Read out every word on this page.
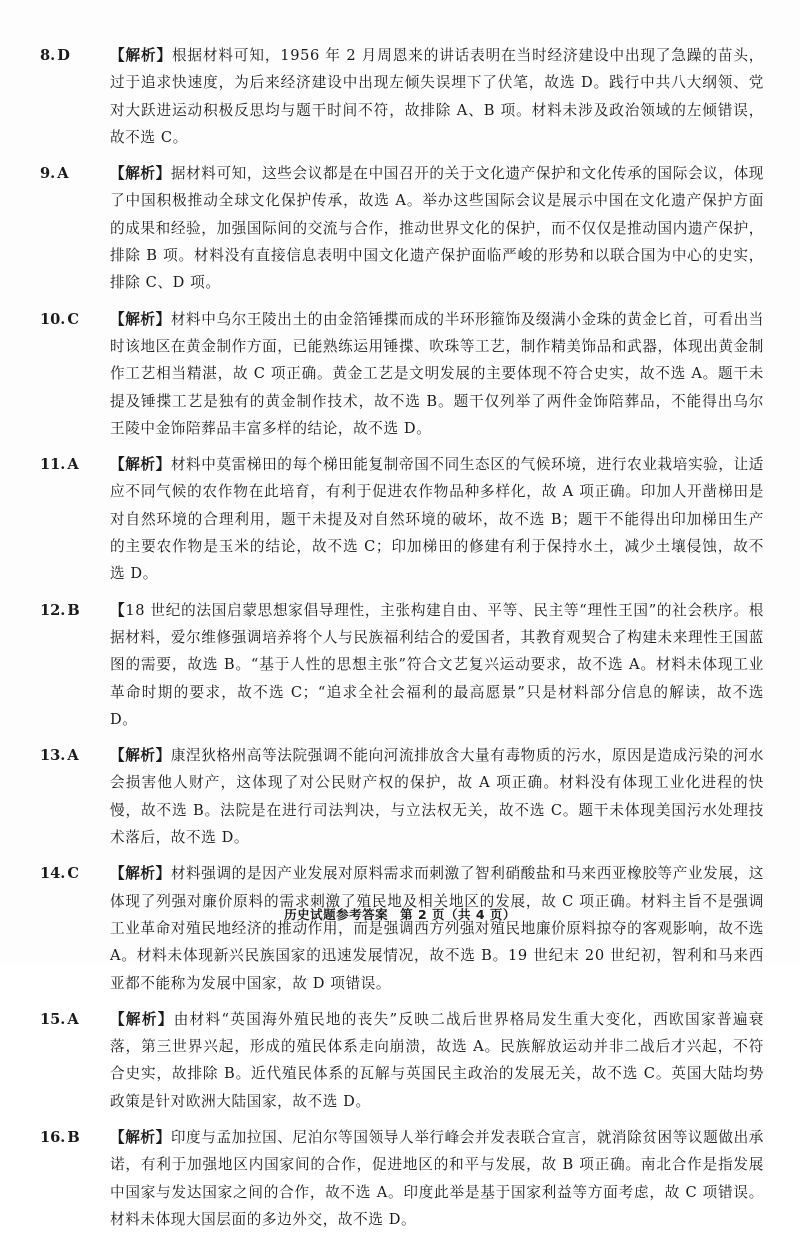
8. D	【解析】根据材料可知，1956 年 2 月周恩来的讲话表明在当时经济建设中出现了急躁的苗头，过于追求快速度，为后来经济建设中出现左倾失误埋下了伏笔，故选 D。践行中共八大纲领、党对大跃进运动积极反思均与题干时间不符，故排除 A、B 项。材料未涉及政治领域的左倾错误，故不选 C。
9. A	【解析】据材料可知，这些会议都是在中国召开的关于文化遗产保护和文化传承的国际会议，体现了中国积极推动全球文化保护传承，故选 A。举办这些国际会议是展示中国在文化遗产保护方面的成果和经验，加强国际间的交流与合作，推动世界文化的保护，而不仅仅是推动国内遗产保护，排除 B 项。材料没有直接信息表明中国文化遗产保护面临严峻的形势和以联合国为中心的史实，排除 C、D 项。
10. C	【解析】材料中乌尔王陵出土的由金箔锤揲而成的半环形箍饰及缀满小金珠的黄金匕首，可看出当时该地区在黄金制作方面，已能熟练运用锤揲、吹珠等工艺，制作精美饰品和武器，体现出黄金制作工艺相当精湛，故 C 项正确。黄金工艺是文明发展的主要体现不符合史实，故不选 A。题干未提及锤揲工艺是独有的黄金制作技术，故不选 B。题干仅列举了两件金饰陪葬品，不能得出乌尔王陵中金饰陪葬品丰富多样的结论，故不选 D。
11. A	【解析】材料中莫雷梯田的每个梯田能复制帝国不同生态区的气候环境，进行农业栽培实验，让适应不同气候的农作物在此培育，有利于促进农作物品种多样化，故 A 项正确。印加人开凿梯田是对自然环境的合理利用，题干未提及对自然环境的破坏，故不选 B；题干不能得出印加梯田生产的主要农作物是玉米的结论，故不选 C；印加梯田的修建有利于保持水土，减少土壤侵蚀，故不选 D。
12. B	【18 世纪的法国启蒙思想家倡导理性，主张构建自由、平等、民主等“理性王国”的社会秩序。根据材料，爱尔维修强调培养将个人与民族福利结合的爱国者，其教育观契合了构建未来理性王国蓝图的需要，故选 B。“基于人性的思想主张”符合文艺复兴运动要求，故不选 A。材料未体现工业革命时期的要求，故不选 C；“追求全社会福利的最高愿景”只是材料部分信息的解读，故不选 D。
13. A	【解析】康涅狄格州高等法院强调不能向河流排放含大量有毒物质的污水，原因是造成污染的河水会损害他人财产，这体现了对公民财产权的保护，故 A 项正确。材料没有体现工业化进程的快慢，故不选 B。法院是在进行司法判决，与立法权无关，故不选 C。题干未体现美国污水处理技术落后，故不选 D。
14. C	【解析】材料强调的是因产业发展对原料需求而刺激了智利硝酸盐和马来西亚橡胶等产业发展，这体现了列强对廉价原料的需求刺激了殖民地及相关地区的发展，故 C 项正确。材料主旨不是强调工业革命对殖民地经济的推动作用，而是强调西方列强对殖民地廉价原料掠夺的客观影响，故不选 A。材料未体现新兴民族国家的迅速发展情况，故不选 B。19 世纪末 20 世纪初，智利和马来西亚都不能称为发展中国家，故 D 项错误。
15. A	【解析】由材料“英国海外殖民地的丧失”反映二战后世界格局发生重大变化，西欧国家普遍衰落，第三世界兴起，形成的殖民体系走向崩溃，故选 A。民族解放运动并非二战后才兴起，不符合史实，故排除 B。近代殖民体系的瓦解与英国民主政治的发展无关，故不选 C。英国大陆均势政策是针对欧洲大陆国家，故不选 D。
16. B	【解析】印度与孟加拉国、尼泊尔等国领导人举行峰会并发表联合宣言，就消除贫困等议题做出承诺，有利于加强地区内国家间的合作，促进地区的和平与发展，故 B 项正确。南北合作是指发展中国家与发达国家之间的合作，故不选 A。印度此举是基于国家利益等方面考虑，故 C 项错误。材料未体现大国层面的多边外交，故不选 D。
历史试题参考答案 第 2 页（共 4 页）
